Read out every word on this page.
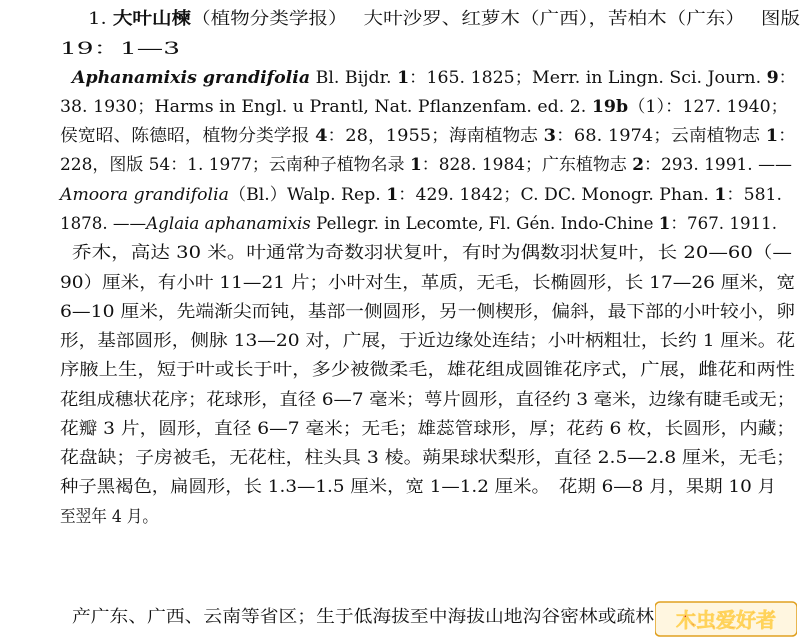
1. 大叶山楝（植物分类学报）　 大叶沙罗、红萝木（广西），苦柏木（广东）　 图版
19：1—3
Aphanamixis grandifolia Bl. Bijdr. 1：165. 1825；Merr. in Lingn. Sci. Journ. 9：
38. 1930；Harms in Engl. u Prantl, Nat. Pflanzenfam. ed. 2. 19b（1）：127. 1940；
侯宽昭、陈德昭，植物分类学报 4：28，1955；海南植物志 3：68. 1974；云南植物志 1：
228，图版 54：1. 1977；云南种子植物名录 1：828. 1984；广东植物志 2：293. 1991. ——
Amoora grandifolia（Bl.）Walp. Rep. 1：429. 1842；C. DC. Monogr. Phan. 1：581.
1878. ——Aglaia aphanamixis Pellegr. in Lecomte, Fl. Gén. Indo-Chine 1：767. 1911.
乔木，高达 30 米。叶通常为奇数羽状复叶，有时为偶数羽状复叶，长 20—60（—
90）厘米，有小叶 11—21 片；小叶对生，革质，无毛，长椭圆形，长 17—26 厘米，宽
6—10 厘米，先端渐尖而钝，基部一侧圆形，另一侧楔形，偏斜，最下部的小叶较小，卵
形，基部圆形，侧脉 13—20 对，广展，于近边缘处连结；小叶柄粗壮，长约 1 厘米。花
序腋上生，短于叶或长于叶，多少被微柔毛，雄花组成圆锥花序式，广展，雌花和两性
花组成穗状花序；花球形，直径 6—7 毫米；萼片圆形，直径约 3 毫米，边缘有睫毛或无；
花瓣 3 片，圆形，直径 6—7 毫米；无毛；雄蕊管球形，厚；花药 6 枚，长圆形，内藏；
花盘缺；子房被毛，无花柱，柱头具 3 棱。蒴果球状梨形，直径 2.5—2.8 厘米，无毛；
种子黑褐色，扁圆形，长 1.3—1.5 厘米，宽 1—1.2 厘米。　花期 6—8 月，果期 10 月
至翌年 4 月。
产广东、广西、云南等省区；生于低海拔至中海拔山地沟谷密林或疏林	木虫爱好者
